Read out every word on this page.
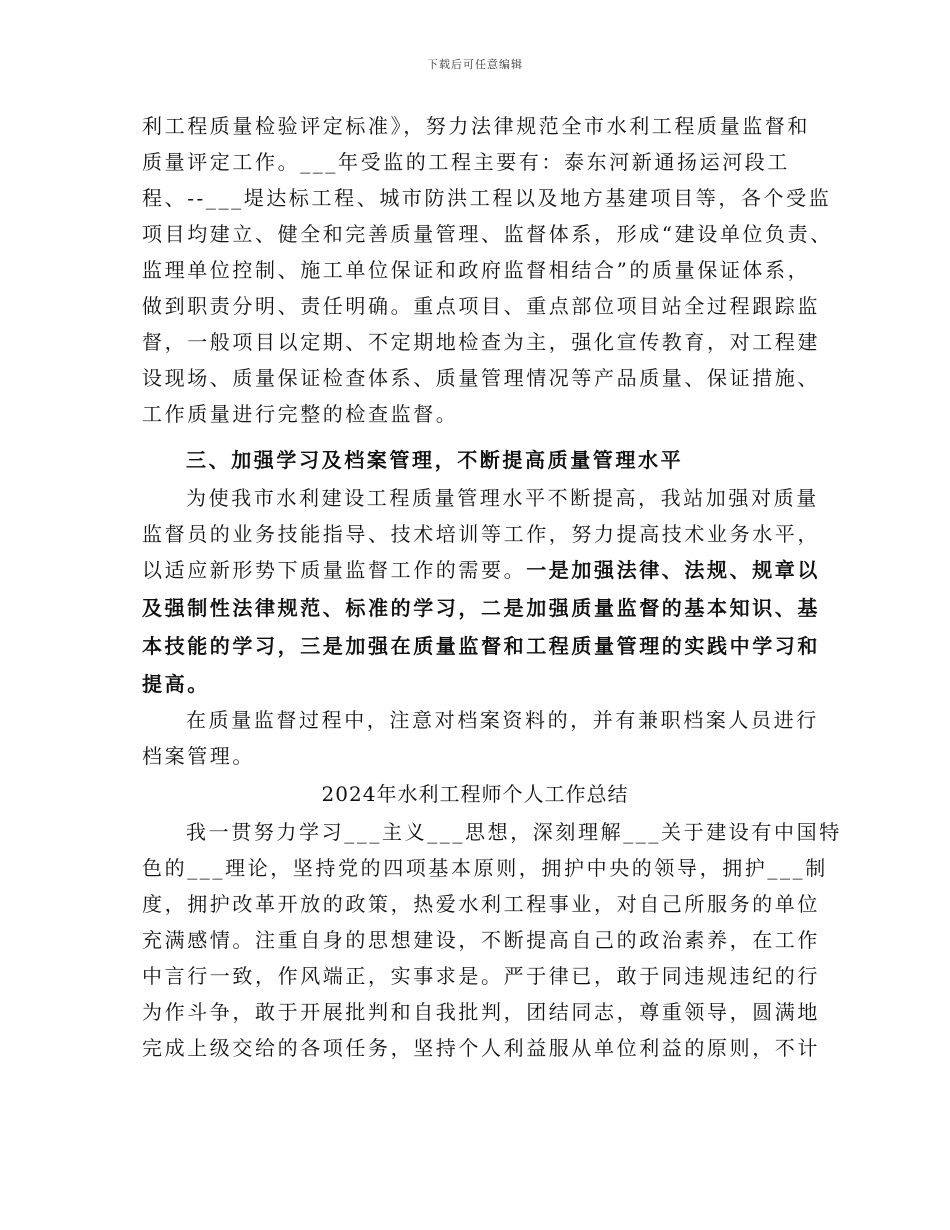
下载后可任意编辑
利工程质量检验评定标准》，努力法律规范全市水利工程质量监督和
质量评定工作。___年受监的工程主要有：泰东河新通扬运河段工
程、--___堤达标工程、城市防洪工程以及地方基建项目等，各个受监
项目均建立、健全和完善质量管理、监督体系，形成“建设单位负责、
监理单位控制、施工单位保证和政府监督相结合”的质量保证体系，
做到职责分明、责任明确。重点项目、重点部位项目站全过程跟踪监
督，一般项目以定期、不定期地检查为主，强化宣传教育，对工程建
设现场、质量保证检查体系、质量管理情况等产品质量、保证措施、
工作质量进行完整的检查监督。
三、加强学习及档案管理，不断提高质量管理水平
为使我市水利建设工程质量管理水平不断提高，我站加强对质量
监督员的业务技能指导、技术培训等工作，努力提高技术业务水平，
以适应新形势下质量监督工作的需要。一是加强法律、法规、规章以
及强制性法律规范、标准的学习，二是加强质量监督的基本知识、基
本技能的学习，三是加强在质量监督和工程质量管理的实践中学习和
提高。
在质量监督过程中，注意对档案资料的，并有兼职档案人员进行
档案管理。
2024年水利工程师个人工作总结
我一贯努力学习___主义___思想，深刻理解___关于建设有中国特
色的___理论，坚持党的四项基本原则，拥护中央的领导，拥护___制
度，拥护改革开放的政策，热爱水利工程事业，对自己所服务的单位
充满感情。注重自身的思想建设，不断提高自己的政治素养，在工作
中言行一致，作风端正，实事求是。严于律已，敢于同违规违纪的行
为作斗争，敢于开展批判和自我批判，团结同志，尊重领导，圆满地
完成上级交给的各项任务，坚持个人利益服从单位利益的原则，不计
